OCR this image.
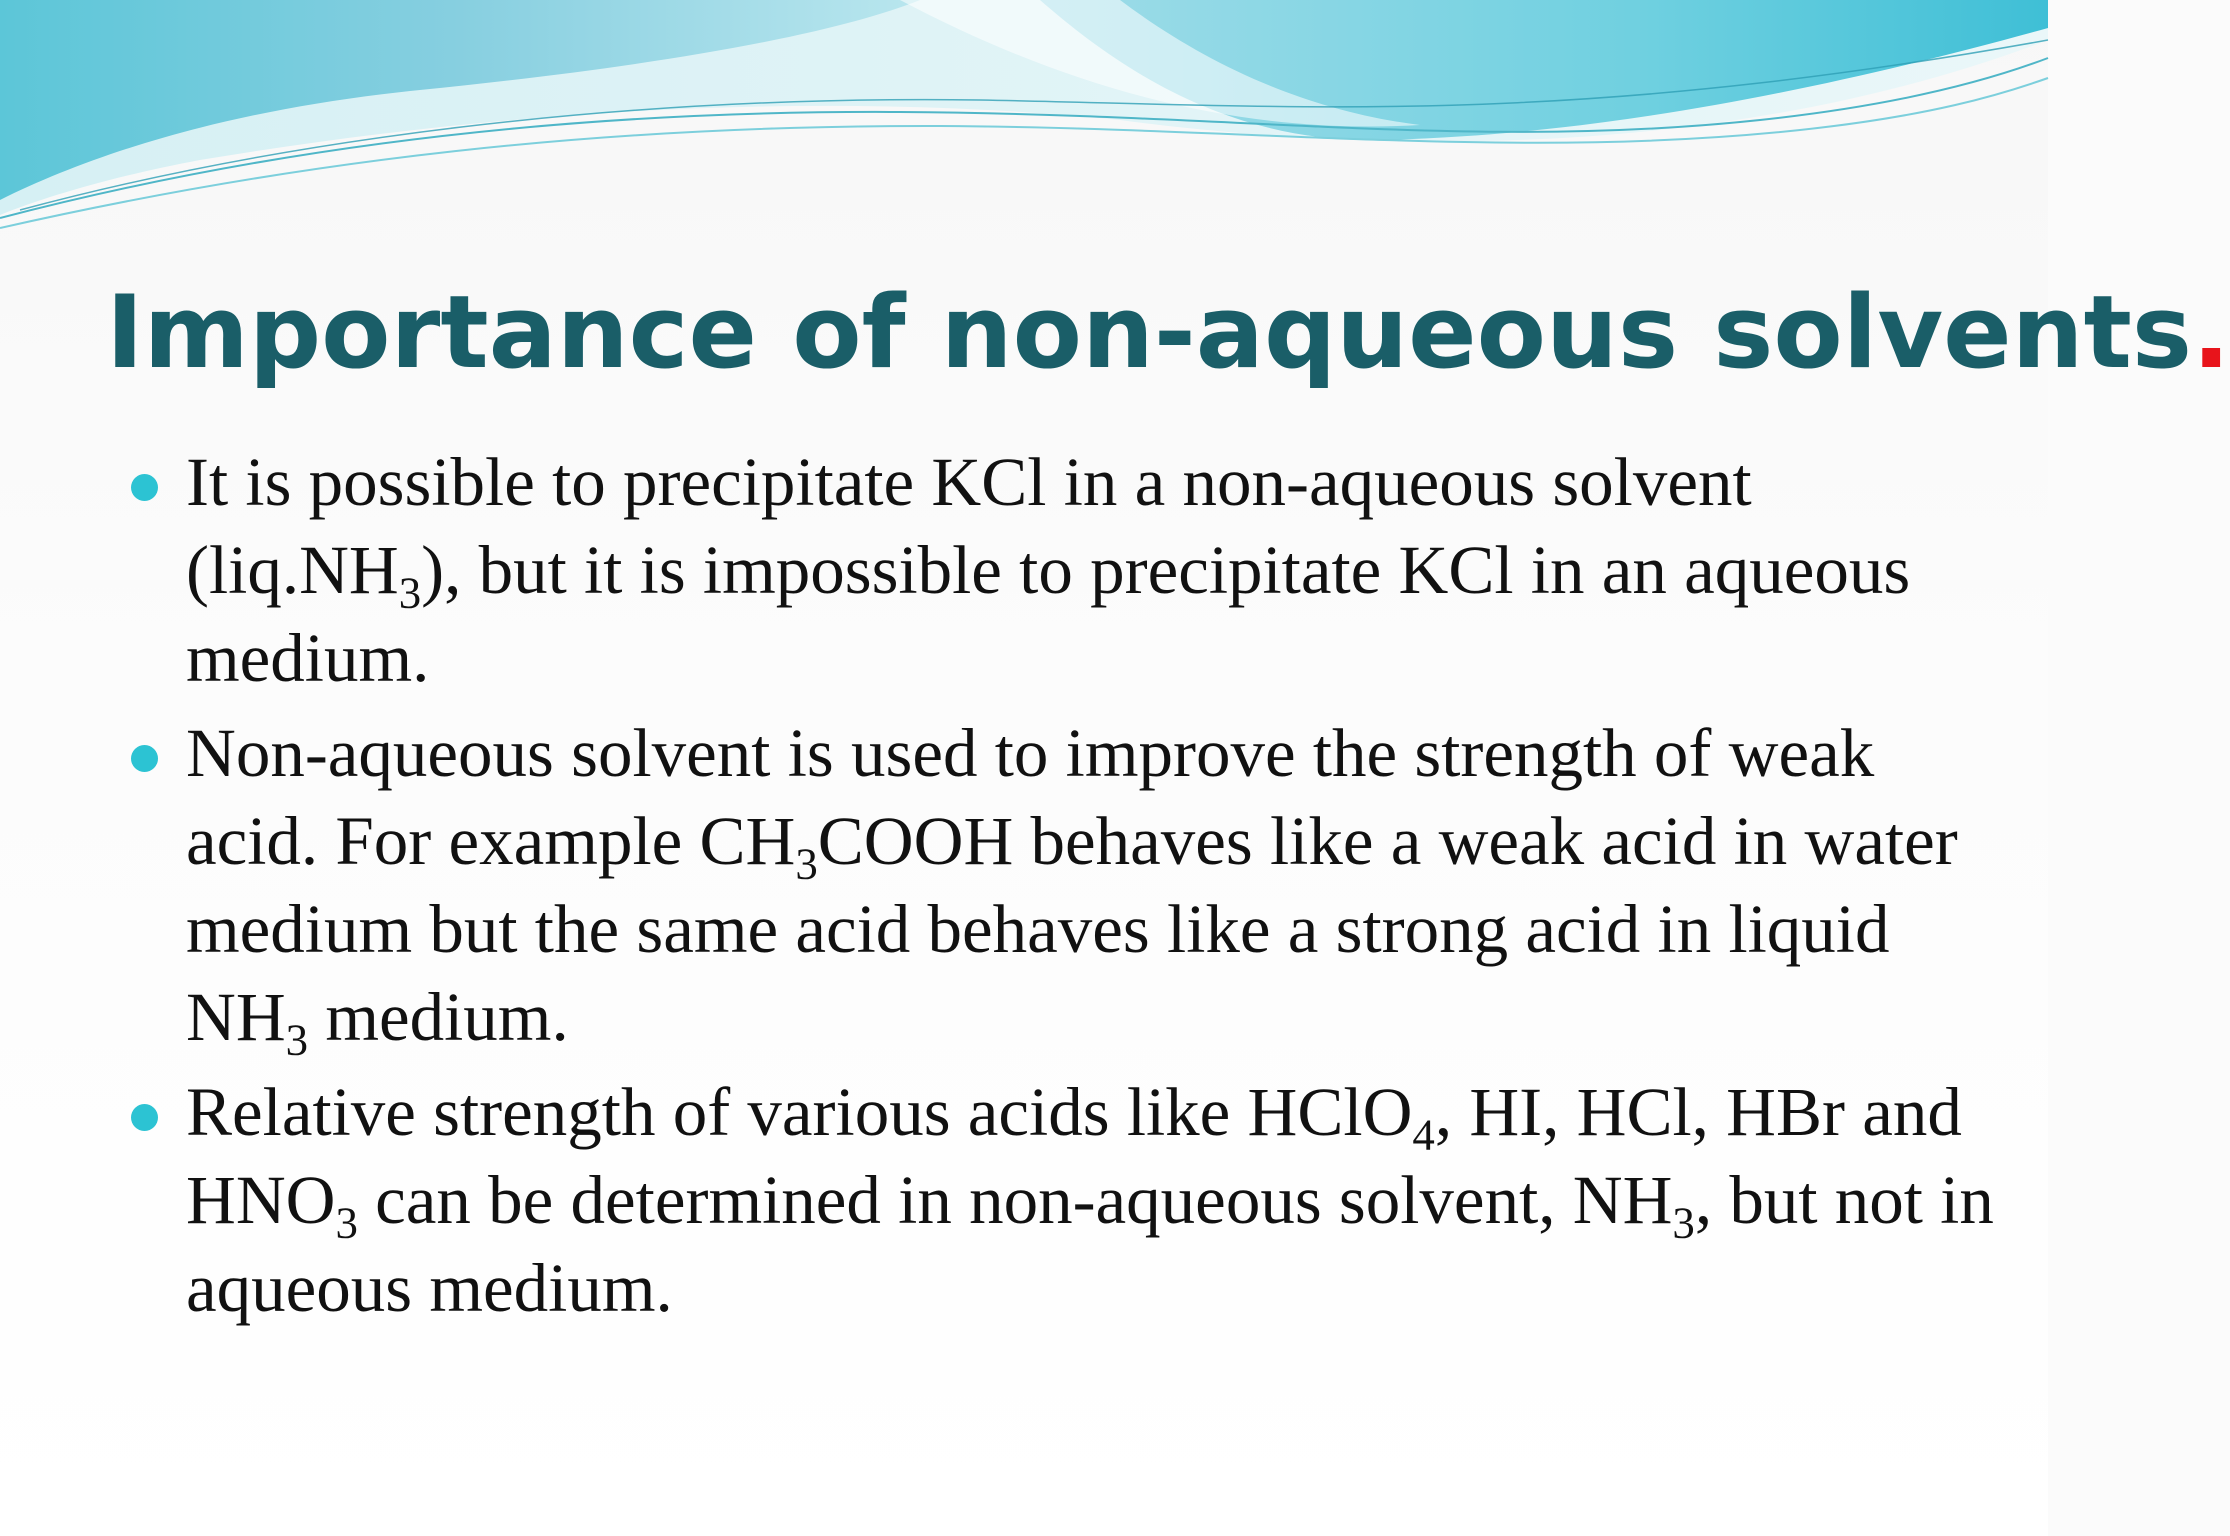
Importance of non-aqueous solvents.
It is possible to precipitate KCl in a non-aqueous solvent $(liq.NH_3)$, but it is impossible to precipitate KCl in an aqueous medium.
Non-aqueous solvent is used to improve the strength of weak acid. For example $CH_3COOH$ behaves like a weak acid in water medium but the same acid behaves like a strong acid in liquid $NH_3$ medium.
Relative strength of various acids like HClO$_4$, HI, HCl, HBr and $HNO_3$ can be determined in non-aqueous solvent, $NH_3$, but not in aqueous medium.
